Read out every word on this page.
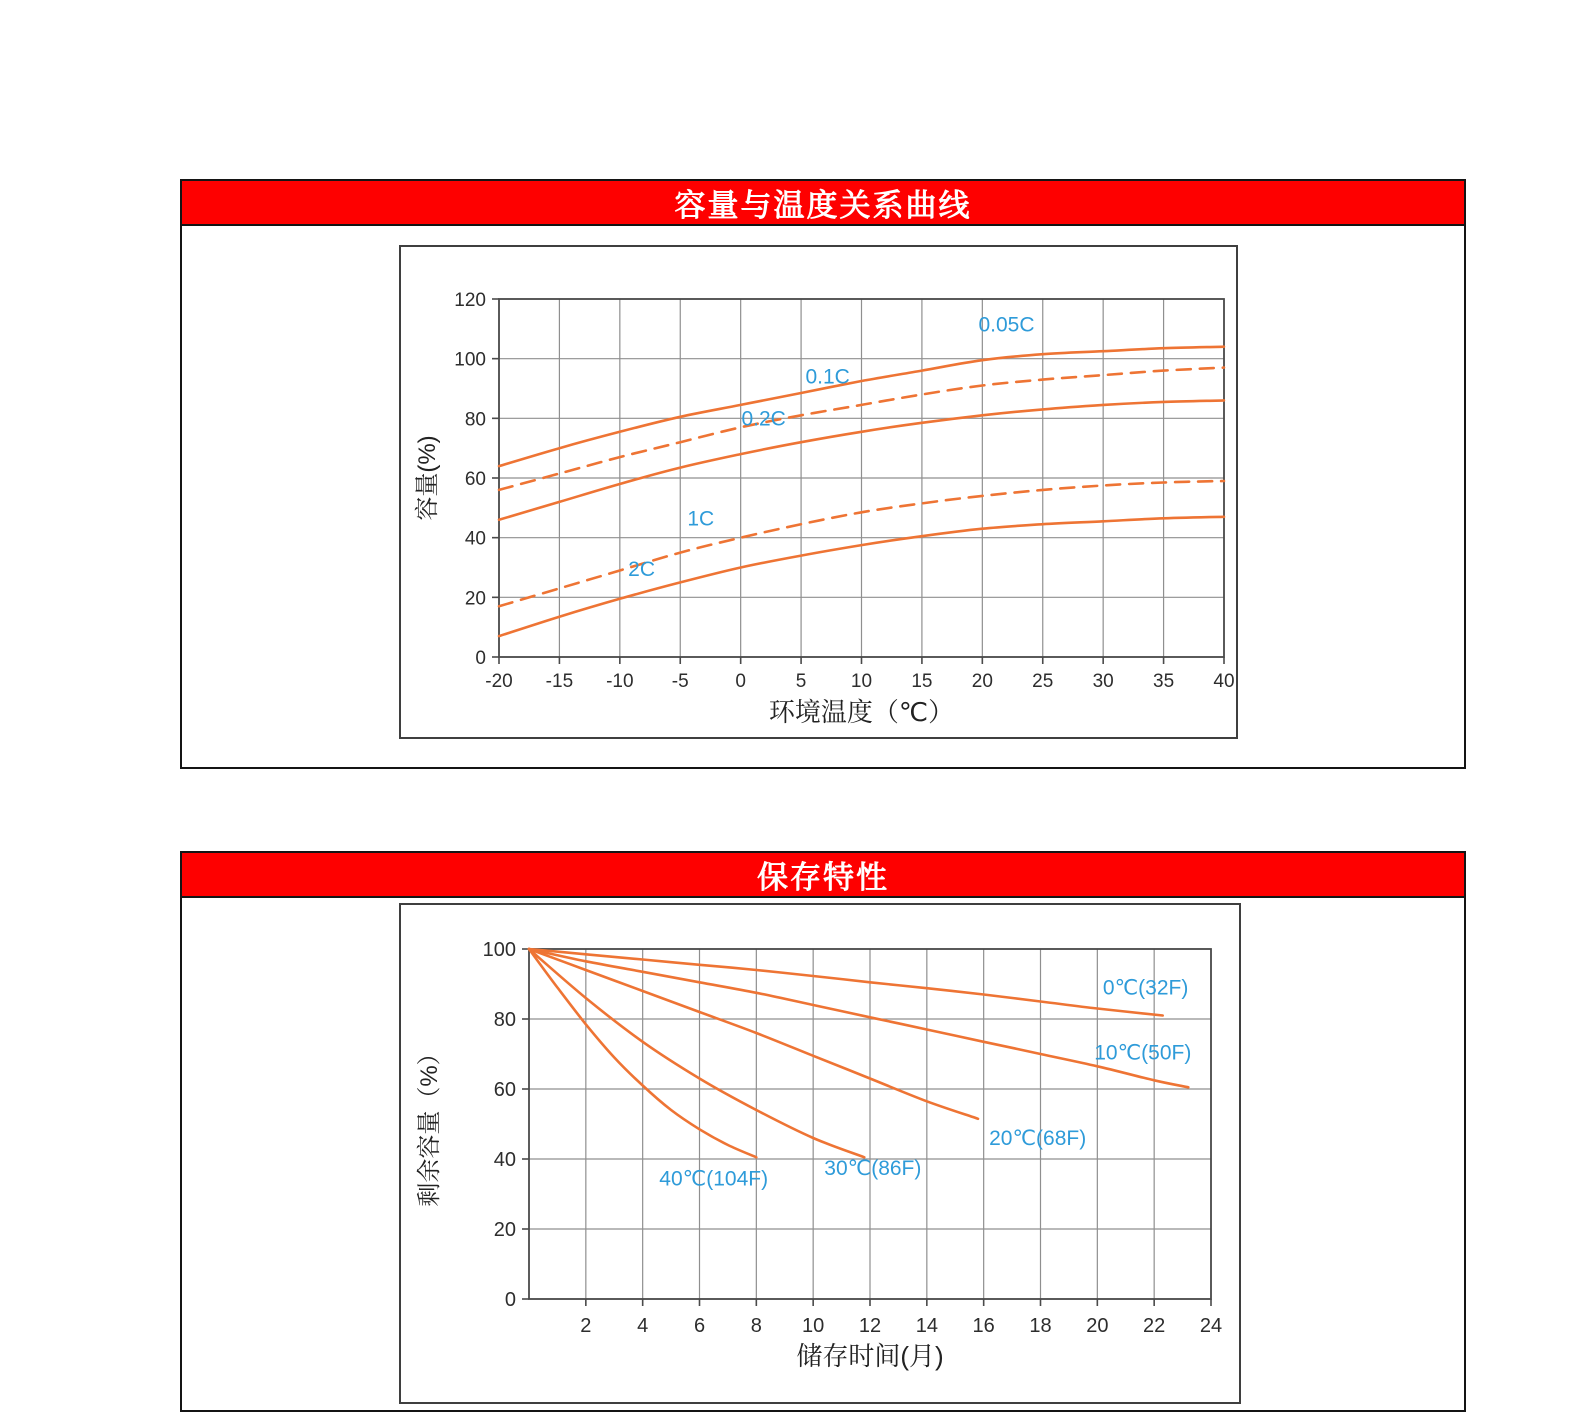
容量与温度关系曲线
-20 -15 -10 -5 0	5 10 15 20 25 30 35 40
0
20
40
60
80
100
120
环境温度（℃）
容量(%)
0.05C
0.1C
0.2C
1C
2C
保存特性
2 4 6 8 10 12 14 16 18 20 22 24
0
20
40
60
80
100
储存时间(月)
剩余容量（%）
0℃(32F)
10℃(50F)
20℃(68F)
30℃(86F)
40℃(104F)
